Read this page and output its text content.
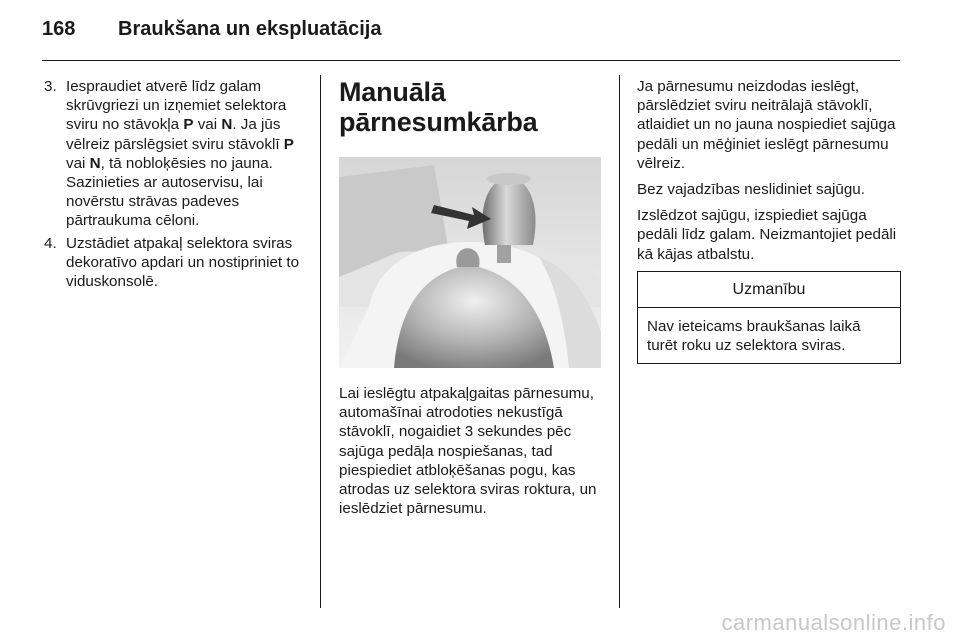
168 Braukšana un ekspluatācija
3. Iespraudiet atverē līdz galam skrūvgriezi un izņemiet selektora sviru no stāvokļa P vai N. Ja jūs vēlreiz pārslēgsiet sviru stāvoklī P vai N, tā nobloķēsies no jauna. Sazinieties ar autoservisu, lai novērstu strāvas padeves pārtraukuma cēloni.
4. Uzstādiet atpakaļ selektora sviras dekoratīvo apdari un nostipriniet to viduskonsolē.
Manuālā
pārnesumkārba
Lai ieslēgtu atpakaļgaitas pārnesumu, automašīnai atrodoties nekustīgā stāvoklī, nogaidiet 3 sekundes pēc sajūga pedāļa nospiešanas, tad piespiediet atbloķēšanas pogu, kas atrodas uz selektora sviras roktura, un ieslēdziet pārnesumu.
Ja pārnesumu neizdodas ieslēgt, pārslēdziet sviru neitrālajā stāvoklī, atlaidiet un no jauna nospiediet sajūga pedāli un mēģiniet ieslēgt pārnesumu vēlreiz.
Bez vajadzības neslidiniet sajūgu.
Izslēdzot sajūgu, izspiediet sajūga pedāli līdz galam. Neizmantojiet pedāli kā kājas atbalstu.
Uzmanību
Nav ieteicams braukšanas laikā turēt roku uz selektora sviras.
carmanualsonline.info
